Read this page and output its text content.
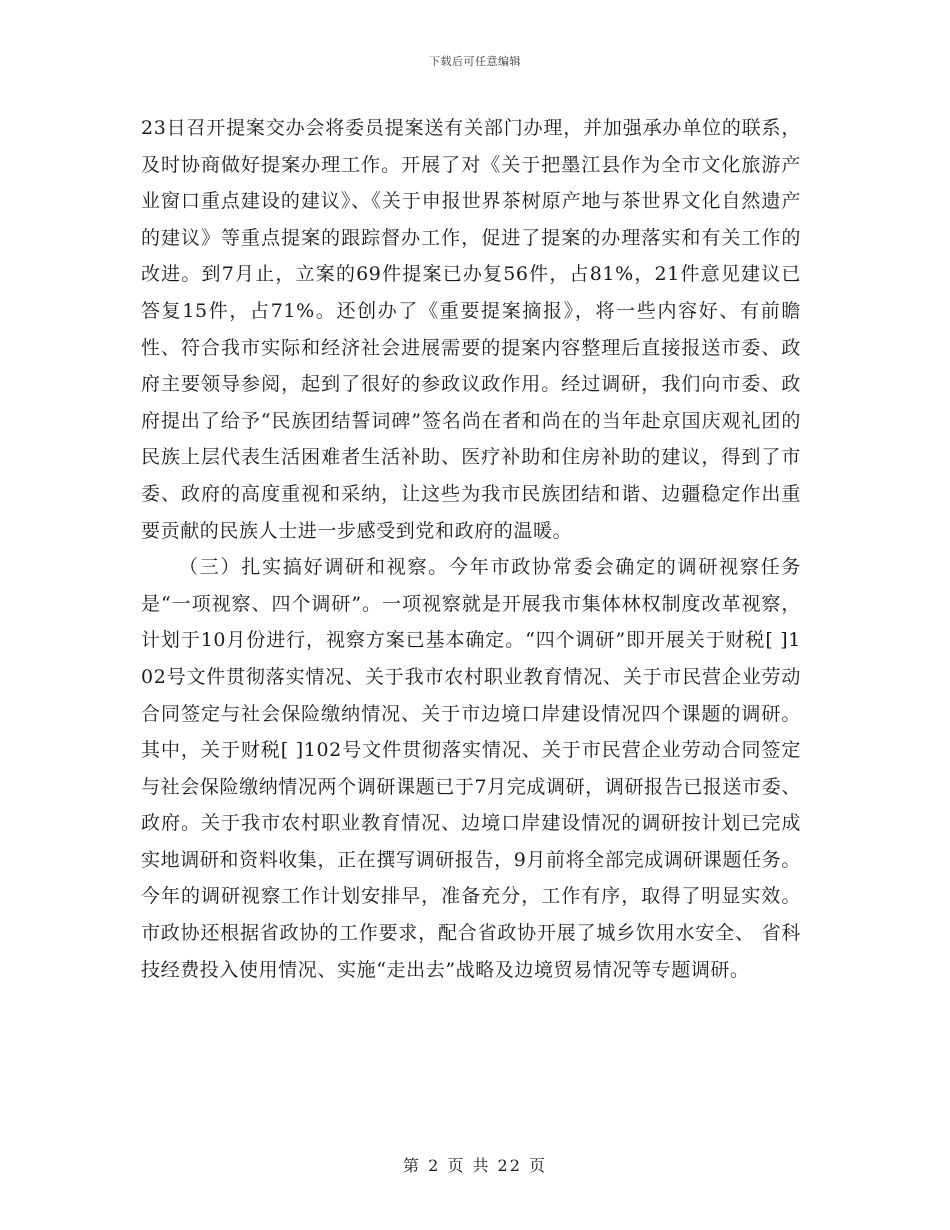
下载后可任意编辑

23日召开提案交办会将委员提案送有关部门办理，并加强承办单位的联系，及时协商做好提案办理工作。开展了对《关于把墨江县作为全市文化旅游产业窗口重点建设的建议》、《关于申报世界茶树原产地与茶世界文化自然遗产的建议》等重点提案的跟踪督办工作，促进了提案的办理落实和有关工作的改进。到7月止，立案的69件提案已办复56件，占81%，21件意见建议已答复15件，占71%。还创办了《重要提案摘报》，将一些内容好、有前瞻性、符合我市实际和经济社会进展需要的提案内容整理后直接报送市委、政府主要领导参阅，起到了很好的参政议政作用。经过调研，我们向市委、政府提出了给予“民族团结誓词碑”签名尚在者和尚在的当年赴京国庆观礼团的民族上层代表生活困难者生活补助、医疗补助和住房补助的建议，得到了市委、政府的高度重视和采纳，让这些为我市民族团结和谐、边疆稳定作出重要贡献的民族人士进一步感受到党和政府的温暖。

（三）扎实搞好调研和视察。今年市政协常委会确定的调研视察任务是“一项视察、四个调研”。一项视察就是开展我市集体林权制度改革视察，计划于10月份进行，视察方案已基本确定。“四个调研”即开展关于财税[ ]102号文件贯彻落实情况、关于我市农村职业教育情况、关于市民营企业劳动合同签定与社会保险缴纳情况、关于市边境口岸建设情况四个课题的调研。其中，关于财税[ ]102号文件贯彻落实情况、关于市民营企业劳动合同签定与社会保险缴纳情况两个调研课题已于7月完成调研，调研报告已报送市委、政府。关于我市农村职业教育情况、边境口岸建设情况的调研按计划已完成实地调研和资料收集，正在撰写调研报告，9月前将全部完成调研课题任务。今年的调研视察工作计划安排早，准备充分，工作有序，取得了明显实效。市政协还根据省政协的工作要求，配合省政协开展了城乡饮用水安全、 省科技经费投入使用情况、实施“走出去”战略及边境贸易情况等专题调研。

第 2 页 共 22 页
